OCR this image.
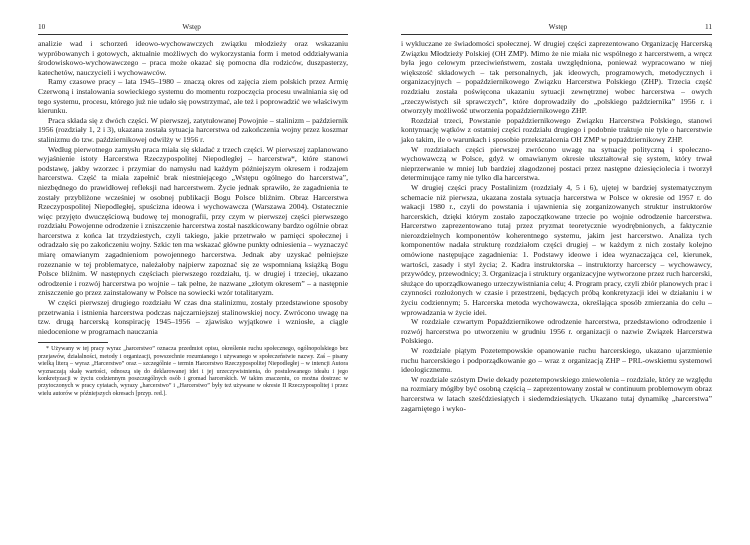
10	Wstęp

analizie wad i schorzeń ideowo-wychowawczych związku młodzieży oraz wskazaniu wypróbowanych i gotowych, aktualnie możliwych do wykorzystania form i metod oddziaływania środowiskowo-wychowawczego – praca może okazać się pomocna dla rodziców, duszpasterzy, katechetów, nauczycieli i wychowawców.

Ramy czasowe pracy – lata 1945–1980 – znaczą okres od zajęcia ziem polskich przez Armię Czerwoną i instalowania sowieckiego systemu do momentu rozpoczęcia procesu uwalniania się od tego systemu, procesu, którego już nie udało się powstrzymać, ale też i poprowadzić we właściwym kierunku.

Praca składa się z dwóch części. W pierwszej, zatytułowanej Powojnie – stalinizm – październik 1956 (rozdziały 1, 2 i 3), ukazana została sytuacja harcerstwa od zakończenia wojny przez koszmar stalinizmu do tzw. październikowej odwilży w 1956 r.

Według pierwotnego zamysłu praca miała się składać z trzech części. W pierwszej zaplanowano wyjaśnienie istoty Harcerstwa Rzeczypospolitej Niepodległej – harcerstwa*, które stanowi podstawę, jakby wzorzec i przymiar do namysłu nad każdym późniejszym okresem i rodzajem harcerstwa. Część ta miała zapełnić brak niestniejącego „Wstępu ogólnego do harcerstwa”, niezbędnego do prawidłowej refleksji nad harcerstwem. Życie jednak sprawiło, że zagadnienia te zostały przybliżone wcześniej w osobnej publikacji Bogu Polsce bliźnim. Obraz Harcerstwa Rzeczypospolitej Niepodległej, spuścizna ideowa i wychowawcza (Warszawa 2004). Ostatecznie więc przyjęto dwuczęściową budowę tej monografii, przy czym w pierwszej części pierwszego rozdziału Powojenne odrodzenie i zniszczenie harcerstwa został naszkicowany bardzo ogólnie obraz harcerstwa z końca lat trzydziestych, czyli takiego, jakie przetrwało w pamięci społecznej i odradzało się po zakończeniu wojny. Szkic ten ma wskazać główne punkty odniesienia – wyznaczyć miarę omawianym zagadnieniom powojennego harcerstwa. Jednak aby uzyskać pełniejsze rozeznanie w tej problematyce, należałoby najpierw zapoznać się ze wspomnianą książką Bogu Polsce bliźnim. W następnych częściach pierwszego rozdziału, tj. w drugiej i trzeciej, ukazano odrodzenie i rozwój harcerstwa po wojnie – tak pełne, że nazwane „złotym okresem” – a następnie zniszczenie go przez zainstalowany w Polsce na sowiecki wzór totalitaryzm.

W części pierwszej drugiego rozdziału W czas dna stalinizmu, zostały przedstawione sposoby przetrwania i istnienia harcerstwa podczas najczarniejszej stalinowskiej nocy. Zwrócono uwagę na tzw. drugą harcerską konspirację 1945–1956 – zjawisko wyjątkowe i wzniosłe, a ciągle niedocenione w programach nauczania

* Używany w tej pracy wyraz „harcerstwo” oznacza przedmiot opisu, określenie ruchu społecznego, ogólnopolskiego bez przejawów, działalności, metody i organizacji, powszechnie rozumianego i używanego w społeczeństwie nazwy. Zaś – pisany wielką literą – wyraz „Harcerstwo” oraz – szczególnie – termin Harcerstwo Rzeczypospolitej Niepodległej – w intencji Autora wyznaczają skalę wartości, odnoszą się do deklarowanej idei i jej urzeczywistnienia, do postulowanego ideału i jego konkretyzacji w życiu codziennym poszczególnych osób i gromad harcerskich. W takim znaczeniu, co można dostrzec w przytoczonych w pracy cytatach, wyrazy „harcerstwo” i „Harcerstwo” były też używane w okresie II Rzeczypospolitej i przez wielu autorów w późniejszych okresach [przyp. red.].

Wstęp	11

i wykluczane ze świadomości społecznej. W drugiej części zaprezentowano Organizację Harcerską Związku Młodzieży Polskiej (OH ZMP). Mimo że nie miała nic wspólnego z harcerstwem, a wręcz była jego celowym przeciwieństwem, została uwzględniona, ponieważ wypracowano w niej większość składowych – tak personalnych, jak ideowych, programowych, metodycznych i organizacyjnych – popaździernikowego Związku Harcerstwa Polskiego (ZHP). Trzecia część rozdziału została poświęcona ukazaniu sytuacji zewnętrznej wobec harcerstwa – owych „rzeczywistych sił sprawczych”, które doprowadziły do „polskiego października” 1956 r. i otworzyły możliwość utworzenia popaździernikowego ZHP.

Rozdział trzeci, Powstanie popaździernikowego Związku Harcerstwa Polskiego, stanowi kontynuację wątków z ostatniej części rozdziału drugiego i podobnie traktuje nie tyle o harcerstwie jako takim, ile o warunkach i sposobie przekształcenia OH ZMP w popaździernikowy ZHP.

W rozdziałach części pierwszej zwrócono uwagę na sytuację polityczną i społeczno-wychowawczą w Polsce, gdyż w omawianym okresie ukształtował się system, który trwał nieprzerwanie w mniej lub bardziej złagodzonej postaci przez następne dziesięciolecia i tworzył determinujące ramy nie tylko dla harcerstwa.

W drugiej części pracy Postalinizm (rozdziały 4, 5 i 6), ujętej w bardziej systematycznym schemacie niż pierwsza, ukazana została sytuacja harcerstwa w Polsce w okresie od 1957 r. do wakacji 1980 r., czyli do powstania i ujawnienia się zorganizowanych struktur instruktorów harcerskich, dzięki którym zostało zapoczątkowane trzecie po wojnie odrodzenie harcerstwa. Harcerstwo zaprezentowano tutaj przez pryzmat teoretycznie wyodrębnionych, a faktycznie nierozdzielnych komponentów koherentnego systemu, jakim jest harcerstwo. Analiza tych komponentów nadała strukturę rozdziałom części drugiej – w każdym z nich zostały kolejno omówione następujące zagadnienia: 1. Podstawy ideowe i idea wyznaczająca cel, kierunek, wartości, zasady i styl życia; 2. Kadra instruktorska – instruktorzy harcerscy – wychowawcy, przywódcy, przewodnicy; 3. Organizacja i struktury organizacyjne wytworzone przez ruch harcerski, służące do uporządkowanego urzeczywistniania celu; 4. Program pracy, czyli zbiór planowych prac i czynności rozłożonych w czasie i przestrzeni, będących próbą konkretyzacji idei w działaniu i w życiu codziennym; 5. Harcerska metoda wychowawcza, określająca sposób zmierzania do celu – wprowadzania w życie idei.

W rozdziale czwartym Popaździernikowe odrodzenie harcerstwa, przedstawiono odrodzenie i rozwój harcerstwa po utworzeniu w grudniu 1956 r. organizacji o nazwie Związek Harcerstwa Polskiego.

W rozdziale piątym Pozetempowskie opanowanie ruchu harcerskiego, ukazano ujarzmienie ruchu harcerskiego i podporządkowanie go – wraz z organizacją ZHP – PRL-owskiemu systemowi ideologicznemu.

W rozdziale szóstym Dwie dekady pozetempowskiego zniewolenia – rozdziale, który ze względu na rozmiary mógłby być osobną częścią – zaprezentowany został w continuum problemowym obraz harcerstwa w latach sześćdziesiątych i siedemdziesiątych. Ukazano tutaj dynamikę „harcerstwa” zagarniętego i wyko-
